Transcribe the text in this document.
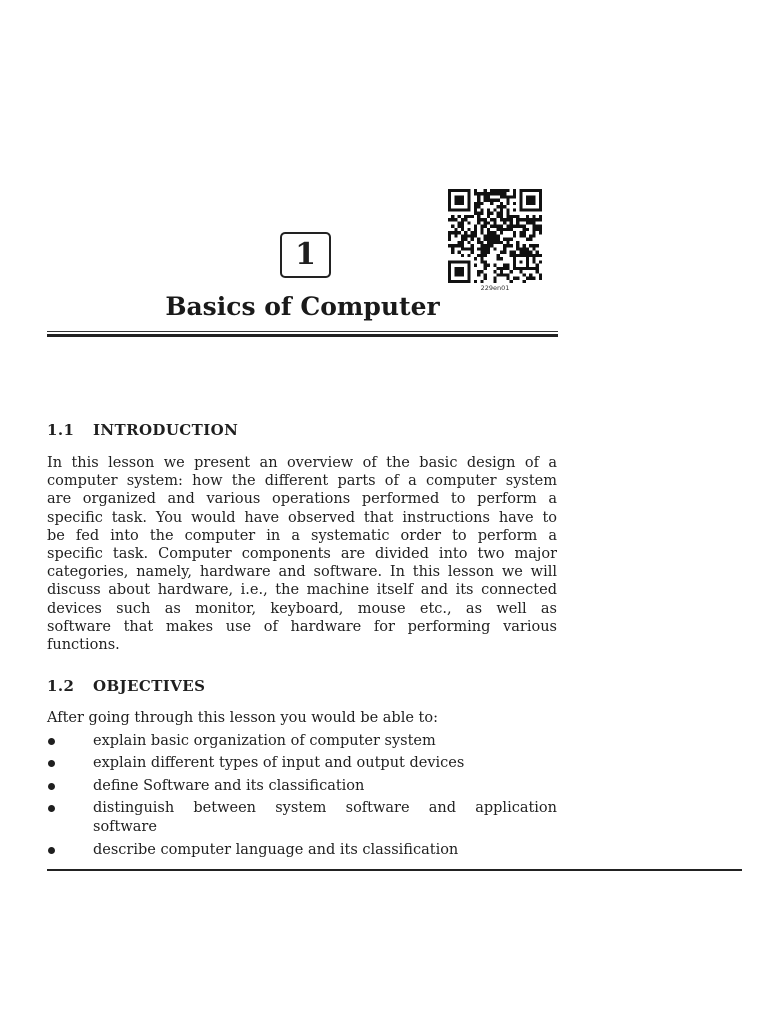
229en01
1
Basics of Computer
1.1 INTRODUCTION
In this lesson we present an overview of the basic design of a
computer system: how the different parts of a computer system
are organized and various operations performed to perform a
specific task. You would have observed that instructions have to
be fed into the computer in a systematic order to perform a
specific task. Computer components are divided into two major
categories, namely, hardware and software. In this lesson we will
discuss about hardware, i.e., the machine itself and its connected
devices such as monitor, keyboard, mouse etc., as well as
software that makes use of hardware for performing various
functions.
1.2 OBJECTIVES
After going through this lesson you would be able to:
explain basic organization of computer system
explain different types of input and output devices
define Software and its classification
distinguish between system software and application
software
describe computer language and its classification
